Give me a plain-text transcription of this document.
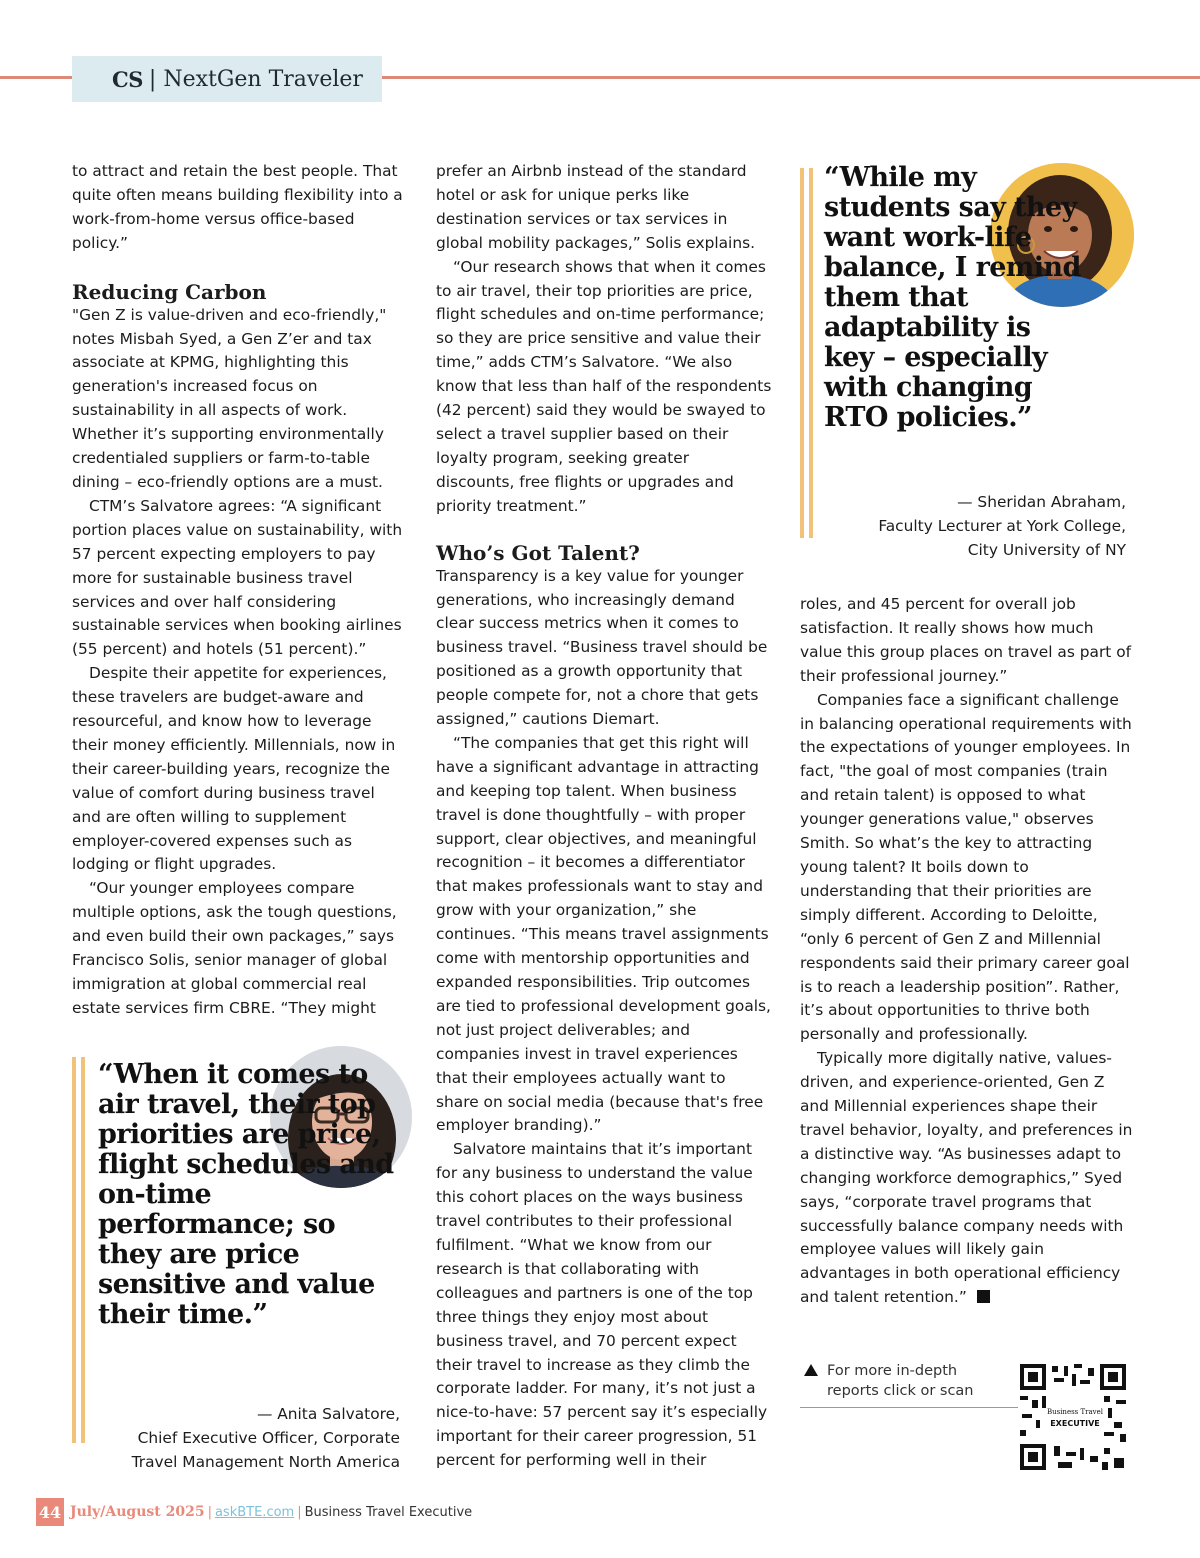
CS | NextGen Traveler

to attract and retain the best people. That quite often means building flexibility into a work-from-home versus office-based policy.”

Reducing Carbon

"Gen Z is value-driven and eco-friendly," notes Misbah Syed, a Gen Z’er and tax associate at KPMG, highlighting this generation's increased focus on sustainability in all aspects of work. Whether it’s supporting environmentally credentialed suppliers or farm-to-table dining – eco-friendly options are a must.

CTM’s Salvatore agrees: “A significant portion places value on sustainability, with 57 percent expecting employers to pay more for sustainable business travel services and over half considering sustainable services when booking airlines (55 percent) and hotels (51 percent).”

Despite their appetite for experiences, these travelers are budget-aware and resourceful, and know how to leverage their money efficiently. Millennials, now in their career-building years, recognize the value of comfort during business travel and are often willing to supplement employer-covered expenses such as lodging or flight upgrades.

“Our younger employees compare multiple options, ask the tough questions, and even build their own packages,” says Francisco Solis, senior manager of global immigration at global commercial real estate services firm CBRE. “They might

prefer an Airbnb instead of the standard hotel or ask for unique perks like destination services or tax services in global mobility packages,” Solis explains.

“Our research shows that when it comes to air travel, their top priorities are price, flight schedules and on-time performance; so they are price sensitive and value their time,” adds CTM’s Salvatore. “We also know that less than half of the respondents (42 percent) said they would be swayed to select a travel supplier based on their loyalty program, seeking greater discounts, free flights or upgrades and priority treatment.”

Who’s Got Talent?

Transparency is a key value for younger generations, who increasingly demand clear success metrics when it comes to business travel. “Business travel should be positioned as a growth opportunity that people compete for, not a chore that gets assigned,” cautions Diemart.

“The companies that get this right will have a significant advantage in attracting and keeping top talent. When business travel is done thoughtfully – with proper support, clear objectives, and meaningful recognition – it becomes a differentiator that makes professionals want to stay and grow with your organization,” she continues. “This means travel assignments come with mentorship opportunities and expanded responsibilities. Trip outcomes are tied to professional development goals, not just project deliverables; and companies invest in travel experiences that their employees actually want to share on social media (because that's free employer branding).”

Salvatore maintains that it’s important for any business to understand the value this cohort places on the ways business travel contributes to their professional fulfilment. “What we know from our research is that collaborating with colleagues and partners is one of the top three things they enjoy most about business travel, and 70 percent expect their travel to increase as they climb the corporate ladder. For many, it’s not just a nice-to-have: 57 percent say it’s especially important for their career progression, 51 percent for performing well in their

roles, and 45 percent for overall job satisfaction. It really shows how much value this group places on travel as part of their professional journey.”

Companies face a significant challenge in balancing operational requirements with the expectations of younger employees. In fact, "the goal of most companies (train and retain talent) is opposed to what younger generations value," observes Smith. So what’s the key to attracting young talent? It boils down to understanding that their priorities are simply different. According to Deloitte, “only 6 percent of Gen Z and Millennial respondents said their primary career goal is to reach a leadership position”. Rather, it’s about opportunities to thrive both personally and professionally.

Typically more digitally native, values-driven, and experience-oriented, Gen Z and Millennial experiences shape their travel behavior, loyalty, and preferences in a distinctive way. “As businesses adapt to changing workforce demographics,” Syed says, “corporate travel programs that successfully balance company needs with employee values will likely gain advantages in both operational efficiency and talent retention.”

“When it comes to air travel, their top priorities are price, flight schedules and on-time performance; so they are price sensitive and value their time.”
— Anita Salvatore,
Chief Executive Officer, Corporate
Travel Management North America
“While my students say they want work-life balance, I remind them that adaptability is key – especially with changing RTO policies.”
— Sheridan Abraham,
Faculty Lecturer at York College,
City University of NY
For more in-depth
reports click or scan
Business Travel
EXECUTIVE
44 July/August 2025 | askBTE.com | Business Travel Executive
